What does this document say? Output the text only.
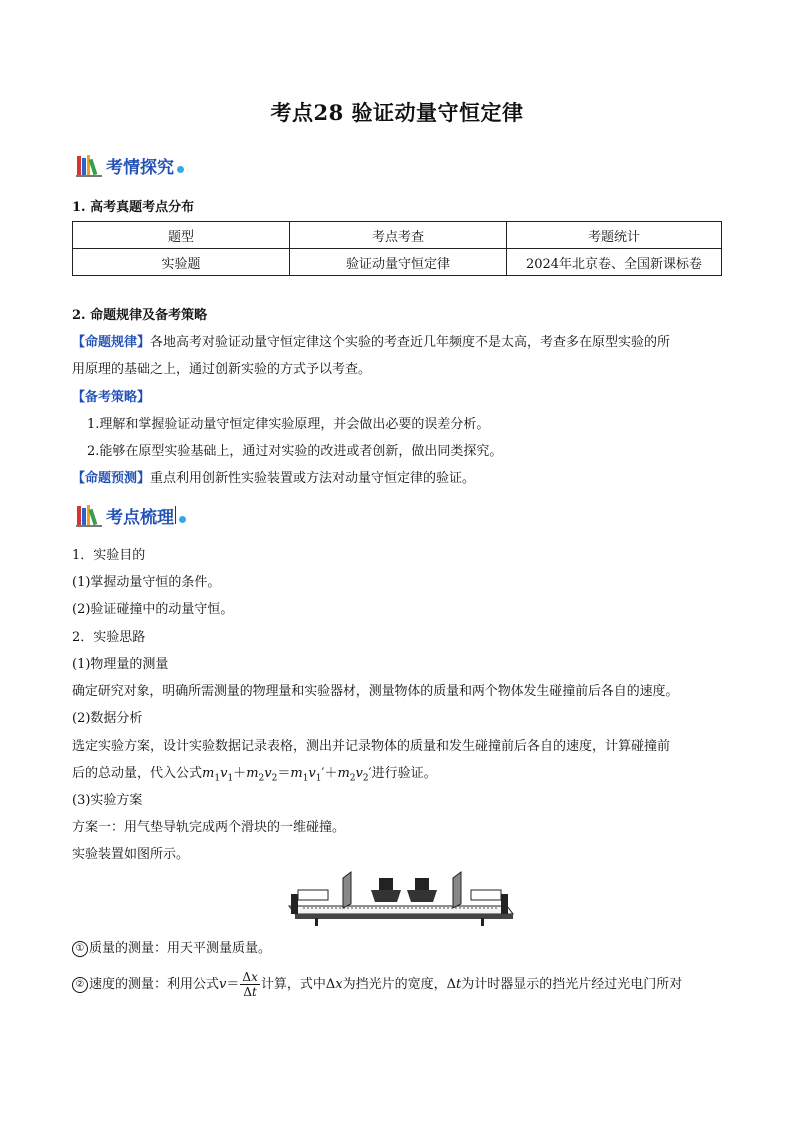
考点28 验证动量守恒定律
考情探究
1. 高考真题考点分布
题型	考点考查	考题统计
实验题	验证动量守恒定律	2024年北京卷、全国新课标卷
2. 命题规律及备考策略
【命题规律】各地高考对验证动量守恒定律这个实验的考查近几年频度不是太高，考查多在原型实验的所
用原理的基础之上，通过创新实验的方式予以考查。
【备考策略】
1.理解和掌握验证动量守恒定律实验原理，并会做出必要的误差分析。
2.能够在原型实验基础上，通过对实验的改进或者创新，做出同类探究。
【命题预测】重点利用创新性实验装置或方法对动量守恒定律的验证。
考点梳理
1．实验目的
(1)掌握动量守恒的条件。
(2)验证碰撞中的动量守恒。
2．实验思路
(1)物理量的测量
确定研究对象，明确所需测量的物理量和实验器材，测量物体的质量和两个物体发生碰撞前后各自的速度。
(2)数据分析
选定实验方案，设计实验数据记录表格，测出并记录物体的质量和发生碰撞前后各自的速度，计算碰撞前
后的总动量，代入公式$m_1v_1+m_2v_2=m_1v_1'+m_2v_2'$进行验证。
(3)实验方案
方案一：用气垫导轨完成两个滑块的一维碰撞。
实验装置如图所示。
① 质量的测量：用天平测量质量。
② 速度的测量：利用公式$v= \frac{\Delta x}{\Delta t}$ 计算，式中Δx为挡光片的宽度，Δt为计时器显示的挡光片经过光电门所对
